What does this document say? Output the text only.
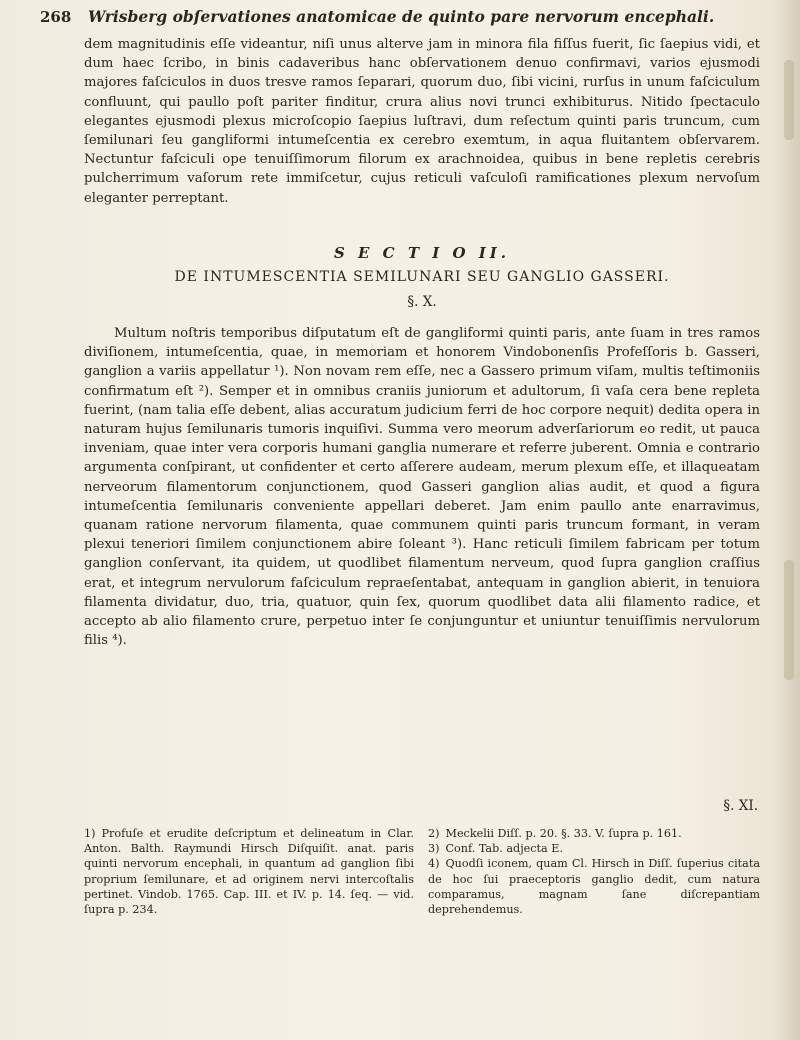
268 Wrisberg obſervationes anatomicae de quinto pare nervorum encephali.
dem magnitudinis eſſe videantur, niſi unus alterve jam in minora fila fiſſus fuerit, ſic ſaepius vidi, et dum haec ſcribo, in binis cadaveribus hanc obſervationem denuo confirmavi, varios ejusmodi majores faſciculos in duos tresve ramos ſeparari, quorum duo, ſibi vicini, rurſus in unum faſciculum confluunt, qui paullo poſt pariter finditur, crura alius novi trunci exhibiturus. Nitido ſpectaculo elegantes ejusmodi plexus microſcopio ſaepius luſtravi, dum reſectum quinti paris truncum, cum ſemilunari ſeu gangliformi intumeſcentia ex cerebro exemtum, in aqua fluitantem obſervarem. Nectuntur faſciculi ope tenuiſſimorum filorum ex arachnoidea, quibus in bene repletis cerebris pulcherrimum vaſorum rete immiſcetur, cujus reticuli vaſculoſi ramificationes plexum nervoſum eleganter perreptant.
S E C T I O II.
DE INTUMESCENTIA SEMILUNARI SEU GANGLIO GASSERI.
§. X.
Multum noſtris temporibus diſputatum eſt de gangliformi quinti paris, ante ſuam in tres ramos diviſionem, intumeſcentia, quae, in memoriam et honorem Vindobonenſis Profeſſoris b. Gasseri, ganglion a variis appellatur ¹). Non novam rem eſſe, nec a Gassero primum viſam, multis teſtimoniis confirmatum eſt ²). Semper et in omnibus craniis juniorum et adultorum, ſi vaſa cera bene repleta fuerint, (nam talia eſſe debent, alias accuratum judicium ferri de hoc corpore nequit) dedita opera in naturam hujus ſemilunaris tumoris inquiſivi. Summa vero meorum adverſariorum eo redit, ut pauca inveniam, quae inter vera corporis humani ganglia numerare et referre juberent. Omnia e contrario argumenta conſpirant, ut confidenter et certo aſſerere audeam, merum plexum eſſe, et illaqueatam nerveorum filamentorum conjunctionem, quod Gasseri ganglion alias audit, et quod a figura intumeſcentia ſemilunaris conveniente appellari deberet. Jam enim paullo ante enarravimus, quanam ratione nervorum filamenta, quae communem quinti paris truncum formant, in veram plexui teneriori ſimilem conjunctionem abire ſoleant ³). Hanc reticuli ſimilem fabricam per totum ganglion conſervant, ita quidem, ut quodlibet filamentum nerveum, quod ſupra ganglion craſſius erat, et integrum nervulorum faſciculum repraeſentabat, antequam in ganglion abierit, in tenuiora filamenta dividatur, duo, tria, quatuor, quin ſex, quorum quodlibet data alii filamento radice, et accepto ab alio filamento crure, perpetuo inter ſe conjunguntur et uniuntur tenuiſſimis nervulorum filis ⁴).
§. XI.
1) Profuſe et erudite deſcriptum et delineatum in Clar. Anton. Balth. Raymundi Hirsch Diſquiſit. anat. paris quinti nervorum encephali, in quantum ad ganglion ſibi proprium ſemilunare, et ad originem nervi intercoſtalis pertinet. Vindob. 1765. Cap. III. et IV. p. 14. ſeq. — vid. ſupra p. 234.
2) Meckelii Diſſ. p. 20. §. 33. V. ſupra p. 161.
3) Conf. Tab. adjecta E.
4) Quodſi iconem, quam Cl. Hirsch in Diſſ. ſuperius citata de hoc ſui praeceptoris ganglio dedit, cum natura comparamus, magnam ſane diſcrepantiam deprehendemus.
